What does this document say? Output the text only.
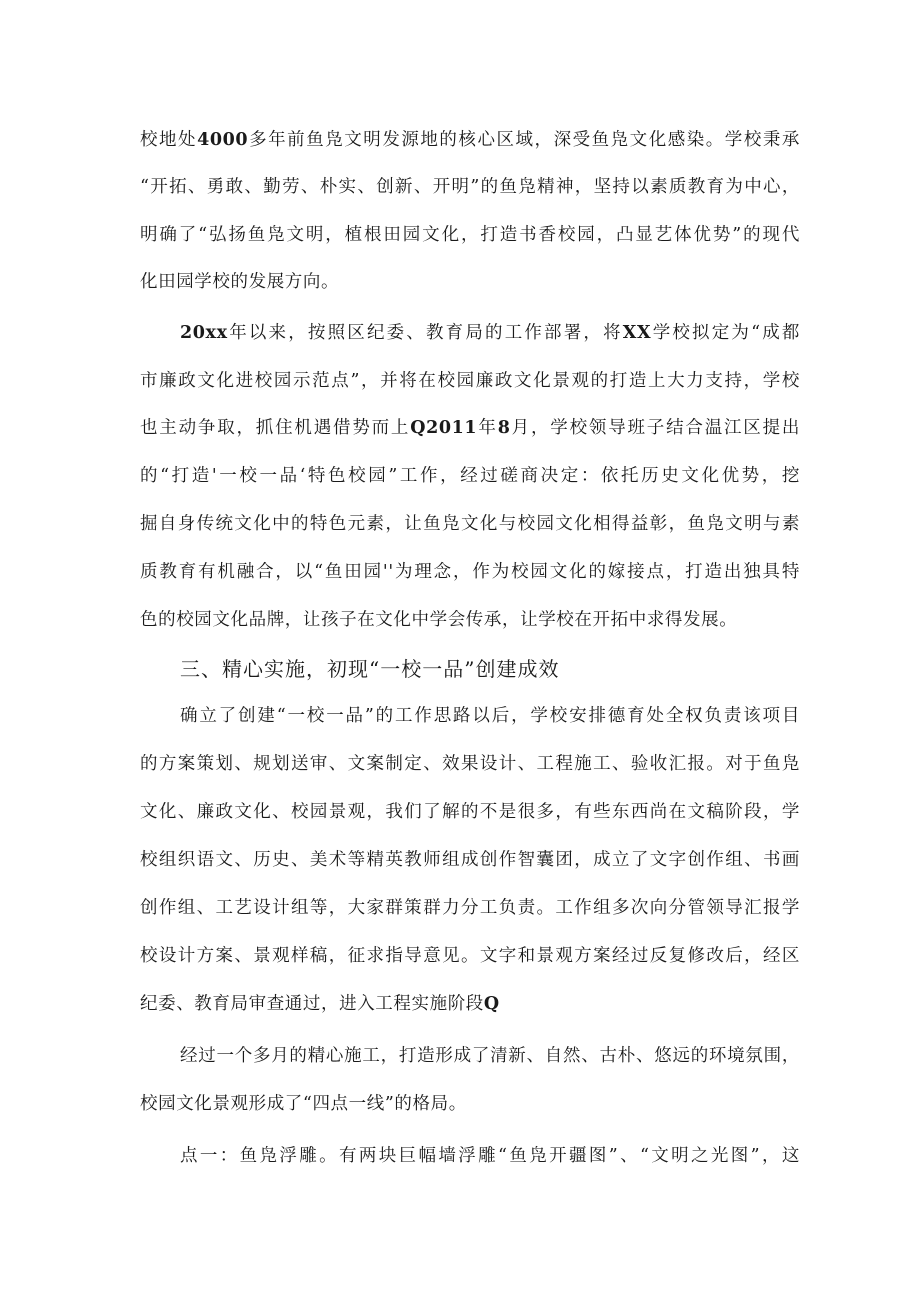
校地处4000多年前鱼凫文明发源地的核心区域，深受鱼凫文化感染。学校秉承
“开拓、勇敢、勤劳、朴实、创新、开明”的鱼凫精神，坚持以素质教育为中心，
明确了“弘扬鱼凫文明，植根田园文化，打造书香校园，凸显艺体优势”的现代
化田园学校的发展方向。
20xx年以来，按照区纪委、教育局的工作部署，将XX学校拟定为“成都
市廉政文化进校园示范点”，并将在校园廉政文化景观的打造上大力支持，学校
也主动争取，抓住机遇借势而上Q2011年8月，学校领导班子结合温江区提出
的“打造'一校一品‘特色校园”工作，经过磋商决定：依托历史文化优势，挖
掘自身传统文化中的特色元素，让鱼凫文化与校园文化相得益彰，鱼凫文明与素
质教育有机融合，以“鱼田园''为理念，作为校园文化的嫁接点，打造出独具特
色的校园文化品牌，让孩子在文化中学会传承，让学校在开拓中求得发展。
三、精心实施，初现“一校一品”创建成效
确立了创建“一校一品”的工作思路以后，学校安排德育处全权负责该项目
的方案策划、规划送审、文案制定、效果设计、工程施工、验收汇报。对于鱼凫
文化、廉政文化、校园景观，我们了解的不是很多，有些东西尚在文稿阶段，学
校组织语文、历史、美术等精英教师组成创作智囊团，成立了文字创作组、书画
创作组、工艺设计组等，大家群策群力分工负责。工作组多次向分管领导汇报学
校设计方案、景观样稿，征求指导意见。文字和景观方案经过反复修改后，经区
纪委、教育局审查通过，进入工程实施阶段Q
经过一个多月的精心施工，打造形成了清新、自然、古朴、悠远的环境氛围，
校园文化景观形成了“四点一线”的格局。
点一：鱼凫浮雕。有两块巨幅墙浮雕“鱼凫开疆图”、“文明之光图”，这
